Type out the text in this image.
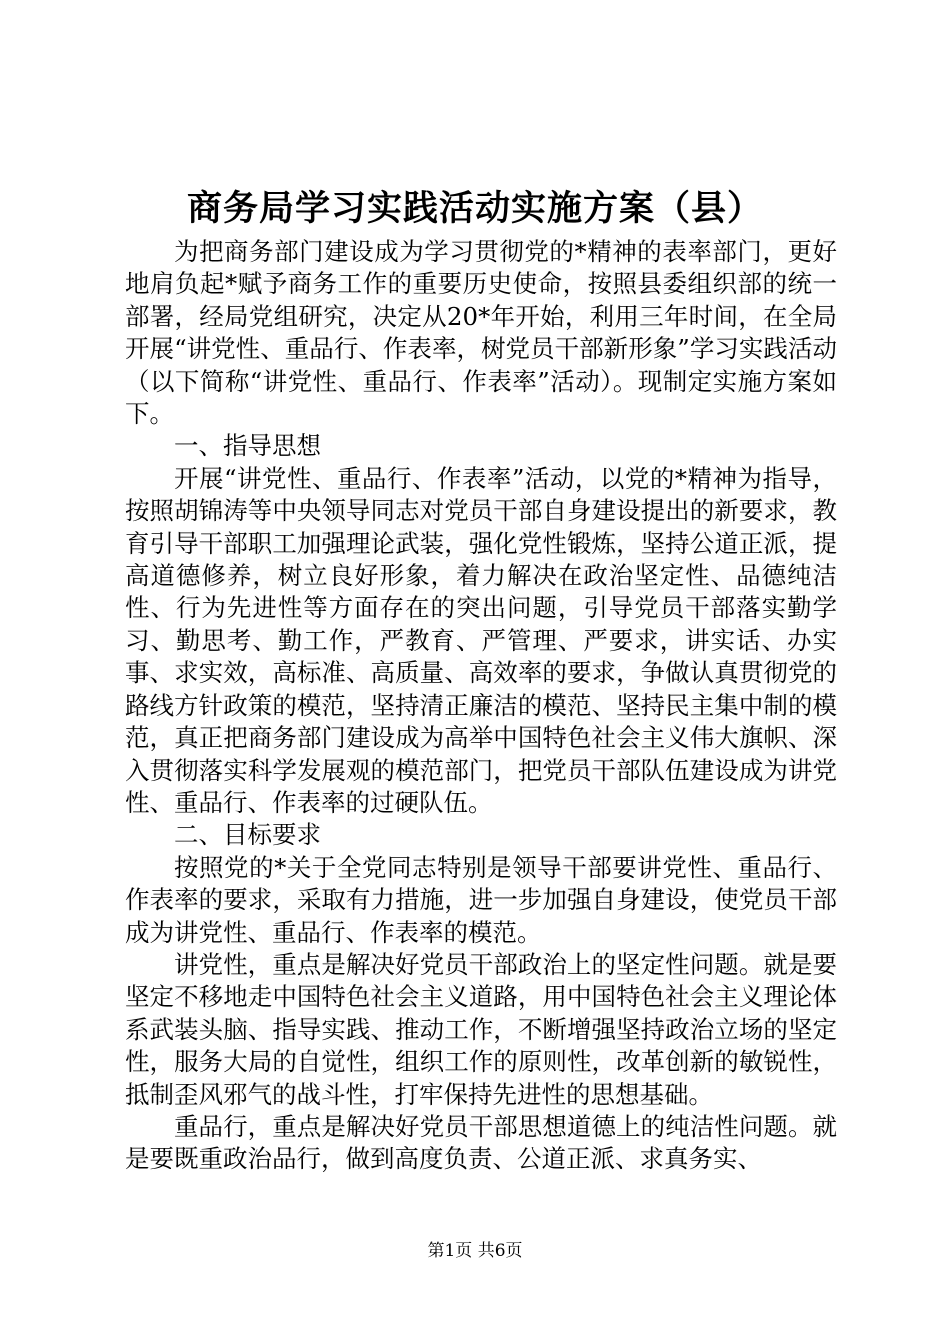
商务局学习实践活动实施方案（县）

为把商务部门建设成为学习贯彻党的*精神的表率部门，更好地肩负起*赋予商务工作的重要历史使命，按照县委组织部的统一部署，经局党组研究，决定从20*年开始，利用三年时间，在全局开展“讲党性、重品行、作表率，树党员干部新形象”学习实践活动（以下简称“讲党性、重品行、作表率”活动）。现制定实施方案如下。

一、指导思想

开展“讲党性、重品行、作表率”活动，以党的*精神为指导，按照胡锦涛等中央领导同志对党员干部自身建设提出的新要求，教育引导干部职工加强理论武装，强化党性锻炼，坚持公道正派，提高道德修养，树立良好形象，着力解决在政治坚定性、品德纯洁性、行为先进性等方面存在的突出问题，引导党员干部落实勤学习、勤思考、勤工作，严教育、严管理、严要求，讲实话、办实事、求实效，高标准、高质量、高效率的要求，争做认真贯彻党的路线方针政策的模范，坚持清正廉洁的模范、坚持民主集中制的模范，真正把商务部门建设成为高举中国特色社会主义伟大旗帜、深入贯彻落实科学发展观的模范部门，把党员干部队伍建设成为讲党性、重品行、作表率的过硬队伍。

二、目标要求

按照党的*关于全党同志特别是领导干部要讲党性、重品行、作表率的要求，采取有力措施，进一步加强自身建设，使党员干部成为讲党性、重品行、作表率的模范。

讲党性，重点是解决好党员干部政治上的坚定性问题。就是要坚定不移地走中国特色社会主义道路，用中国特色社会主义理论体系武装头脑、指导实践、推动工作，不断增强坚持政治立场的坚定性，服务大局的自觉性，组织工作的原则性，改革创新的敏锐性，抵制歪风邪气的战斗性，打牢保持先进性的思想基础。

重品行，重点是解决好党员干部思想道德上的纯洁性问题。就是要既重政治品行，做到高度负责、公道正派、求真务实、

第1页 共6页
